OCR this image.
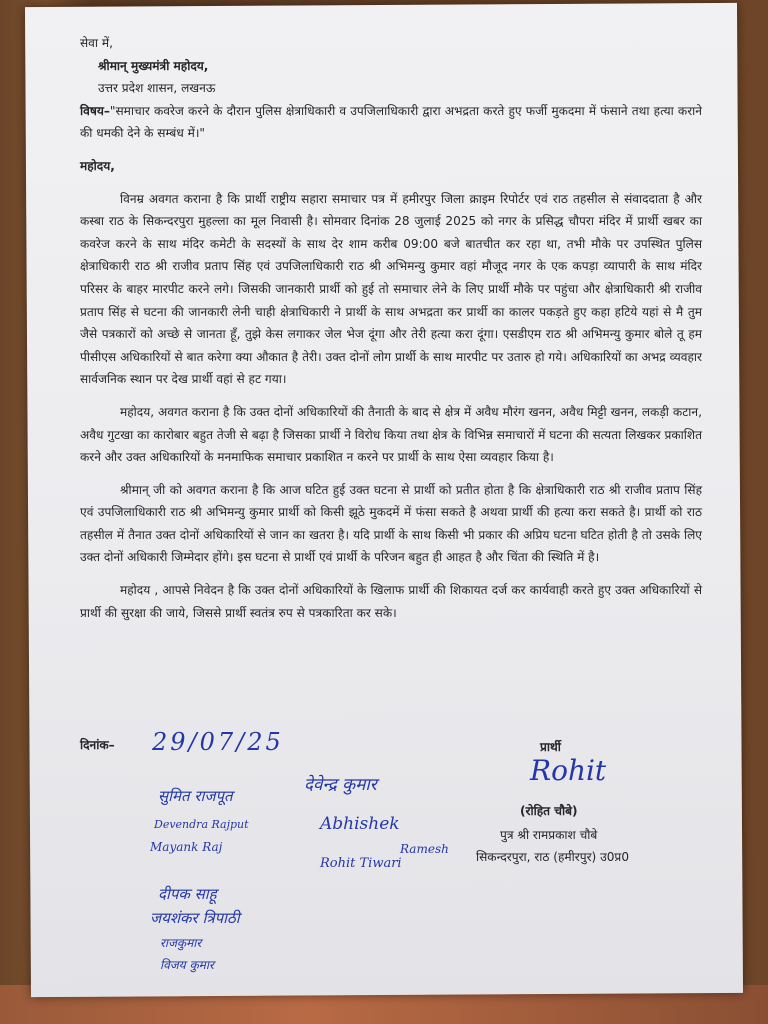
सेवा में,

श्रीमान् मुख्यमंत्री महोदय,

उत्तर प्रदेश शासन, लखनऊ

विषय–"समाचार कवरेज करने के दौरान पुलिस क्षेत्राधिकारी व उपजिलाधिकारी द्वारा अभद्रता करते हुए फर्जी मुकदमा में फंसाने तथा हत्या कराने की धमकी देने के सम्बंध में।"

महोदय,

विनम्र अवगत कराना है कि प्रार्थी राष्ट्रीय सहारा समाचार पत्र में हमीरपुर जिला क्राइम रिपोर्टर एवं राठ तहसील से संवाददाता है और कस्बा राठ के सिकन्दरपुरा मुहल्ला का मूल निवासी है। सोमवार दिनांक 28 जुलाई 2025 को नगर के प्रसिद्ध चौपरा मंदिर में प्रार्थी खबर का कवरेज करने के साथ मंदिर कमेटी के सदस्यों के साथ देर शाम करीब 09:00 बजे बातचीत कर रहा था, तभी मौके पर उपस्थित पुलिस क्षेत्राधिकारी राठ श्री राजीव प्रताप सिंह एवं उपजिलाधिकारी राठ श्री अभिमन्यु कुमार वहां मौजूद नगर के एक कपड़ा व्यापारी के साथ मंदिर परिसर के बाहर मारपीट करने लगे। जिसकी जानकारी प्रार्थी को हुई तो समाचार लेने के लिए प्रार्थी मौके पर पहुंचा और क्षेत्राधिकारी श्री राजीव प्रताप सिंह से घटना की जानकारी लेनी चाही क्षेत्राधिकारी ने प्रार्थी के साथ अभद्रता कर प्रार्थी का कालर पकड़ते हुए कहा हटिये यहां से मै तुम जैसे पत्रकारों को अच्छे से जानता हूँ, तुझे केस लगाकर जेल भेज दूंगा और तेरी हत्या करा दूंगा। एसडीएम राठ श्री अभिमन्यु कुमार बोले तू हम पीसीएस अधिकारियों से बात करेगा क्या औकात है तेरी। उक्त दोनों लोग प्रार्थी के साथ मारपीट पर उतारु हो गये। अधिकारियों का अभद्र व्यवहार सार्वजनिक स्थान पर देख प्रार्थी वहां से हट गया।

महोदय, अवगत कराना है कि उक्त दोनों अधिकारियों की तैनाती के बाद से क्षेत्र में अवैध मौरंग खनन, अवैध मिट्टी खनन, लकड़ी कटान, अवैध गुटखा का कारोबार बहुत तेजी से बढ़ा है जिसका प्रार्थी ने विरोध किया तथा क्षेत्र के विभिन्न समाचारों में घटना की सत्यता लिखकर प्रकाशित करने और उक्त अधिकारियों के मनमाफिक समाचार प्रकाशित न करने पर प्रार्थी के साथ ऐसा व्यवहार किया है।

श्रीमान् जी को अवगत कराना है कि आज घटित हुई उक्त घटना से प्रार्थी को प्रतीत होता है कि क्षेत्राधिकारी राठ श्री राजीव प्रताप सिंह एवं उपजिलाधिकारी राठ श्री अभिमन्यु कुमार प्रार्थी को किसी झूठे मुकदमें में फंसा सकते है अथवा प्रार्थी की हत्या करा सकते है। प्रार्थी को राठ तहसील में तैनात उक्त दोनों अधिकारियों से जान का खतरा है। यदि प्रार्थी के साथ किसी भी प्रकार की अप्रिय घटना घटित होती है तो उसके लिए उक्त दोनों अधिकारी जिम्मेदार होंगे। इस घटना से प्रार्थी एवं प्रार्थी के परिजन बहुत ही आहत है और चिंता की स्थिति में है।

महोदय , आपसे निवेदन है कि उक्त दोनों अधिकारियों के खिलाफ प्रार्थी की शिकायत दर्ज कर कार्यवाही करते हुए उक्त अधिकारियों से प्रार्थी की सुरक्षा की जाये, जिससे प्रार्थी स्वतंत्र रुप से पत्रकारिता कर सके।

दिनांक– 29/07/25	प्रार्थी
Rohit
(रोहित चौबे)
पुत्र श्री रामप्रकाश चौबे
सिकन्दरपुरा, राठ (हमीरपुर) उ0प्र0
सुमित राजपूत
देवेन्द्र कुमार
Devendra Rajput	Abhishek
Mayank Raj
Rohit Tiwari
Ramesh
दीपक साहू
जयशंकर त्रिपाठी
राजकुमार
विजय कुमार
